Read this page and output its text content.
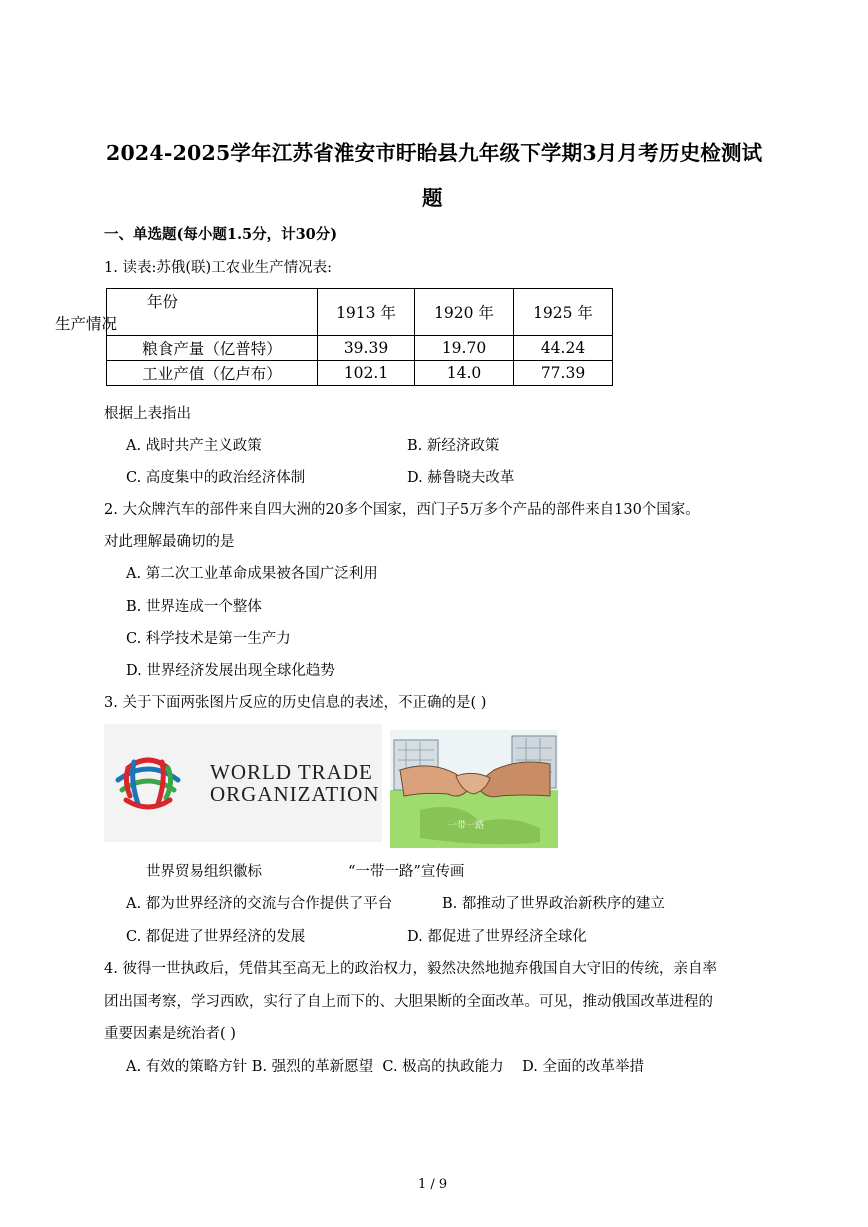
2024-2025学年江苏省淮安市盱眙县九年级下学期3月月考历史检测试
题
一、单选题(每小题1.5分，计30分)
1. 读表:苏俄(联)工农业生产情况表:
年份
生产情况	1913 年	1920 年	1925 年
粮食产量（亿普特）	39.39	19.70	44.24
工业产值（亿卢布）	102.1	14.0	77.39
根据上表指出
A. 战时共产主义政策	B. 新经济政策
C. 高度集中的政治经济体制	D. 赫鲁晓夫改革
2. 大众牌汽车的部件来自四大洲的20多个国家，西门子5万多个产品的部件来自130个国家。
对此理解最确切的是
A. 第二次工业革命成果被各国广泛利用
B. 世界连成一个整体
C. 科学技术是第一生产力
D. 世界经济发展出现全球化趋势
3. 关于下面两张图片反应的历史信息的表述，不正确的是( )
WORLD TRADE
ORGANIZATION
一带一路
世界贸易组织徽标	“一带一路”宣传画
A. 都为世界经济的交流与合作提供了平台	B. 都推动了世界政治新秩序的建立
C. 都促进了世界经济的发展	D. 都促进了世界经济全球化
4. 彼得一世执政后，凭借其至高无上的政治权力，毅然决然地抛弃俄国自大守旧的传统，亲自率
团出国考察，学习西欧，实行了自上而下的、大胆果断的全面改革。可见，推动俄国改革进程的
重要因素是统治者( )
A. 有效的策略方针 B. 强烈的革新愿望  C. 极高的执政能力    D. 全面的改革举措
1 / 9
